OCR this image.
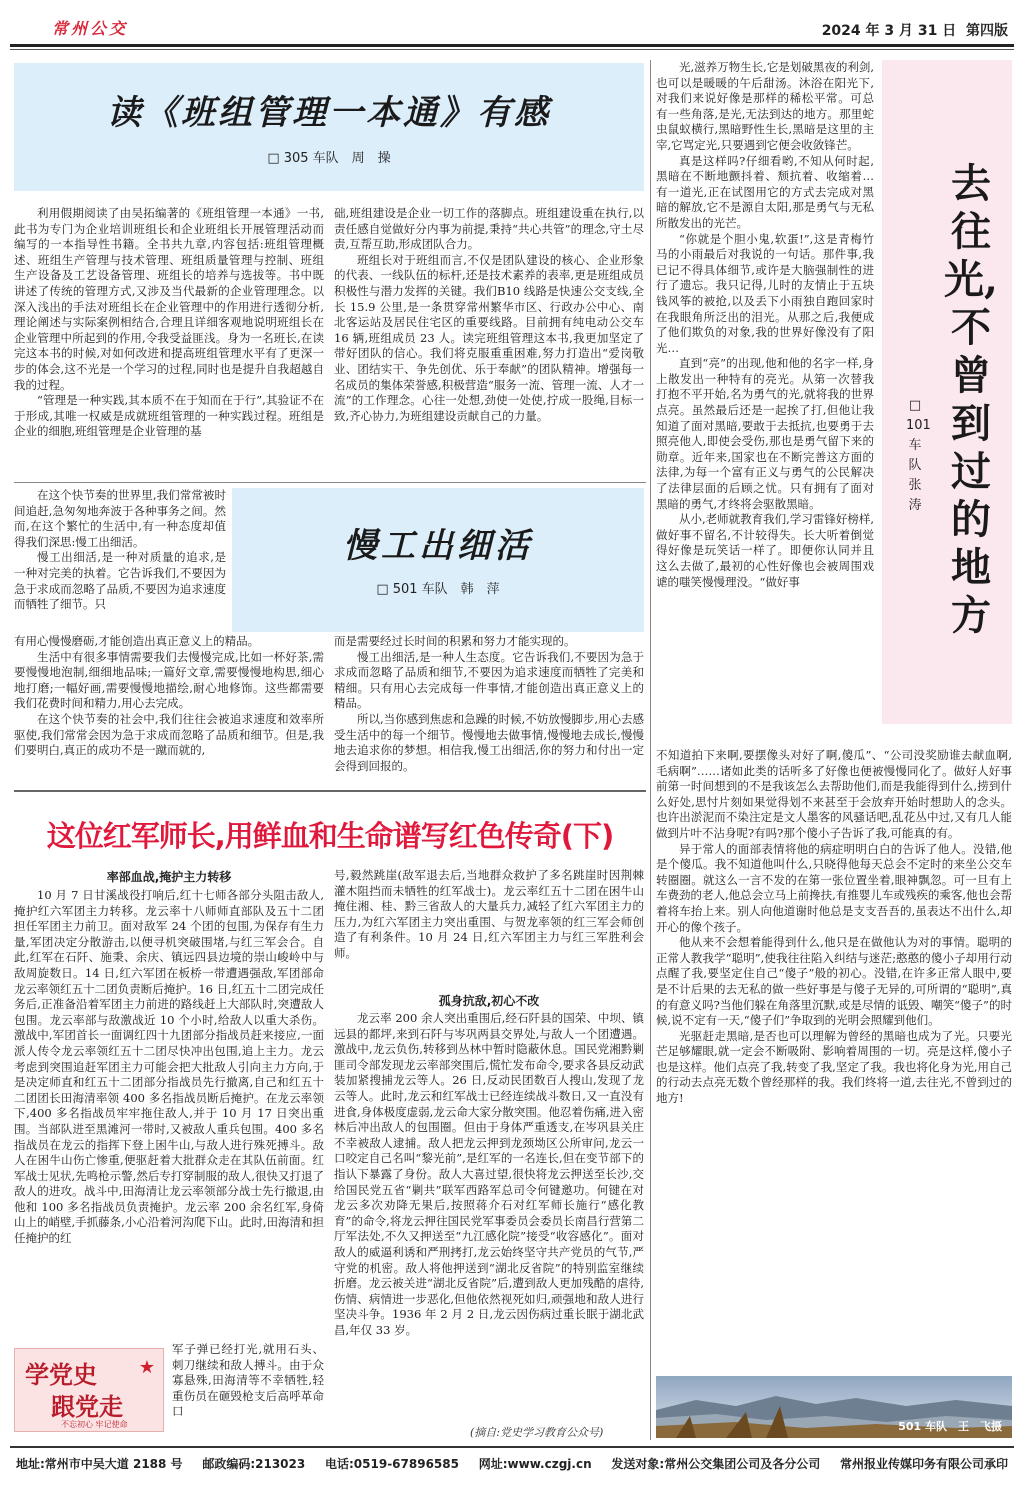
常州公交	2024 年 3 月 31 日 第四版
读《班组管理一本通》有感
□ 305 车队　周　操

利用假期阅读了由吴拓编著的《班组管理一本通》一书,此书为专门为企业培训班组长和企业班组长开展管理活动而编写的一本指导性书籍。全书共九章,内容包括:班组管理概述、班组生产管理与技术管理、班组质量管理与控制、班组生产设备及工艺设备管理、班组长的培养与选拔等。书中既讲述了传统的管理方式,又涉及当代最新的企业管理理念。以深入浅出的手法对班组长在企业管理中的作用进行透彻分析,理论阐述与实际案例相结合,合理且详细客观地说明班组长在企业管理中所起到的作用,令我受益匪浅。身为一名班长,在读完这本书的时候,对如何改进和提高班组管理水平有了更深一步的体会,这不光是一个学习的过程,同时也是提升自我超越自我的过程。

“管理是一种实践,其本质不在于知而在于行”,其验证不在于形成,其唯一权威是成就班组管理的一种实践过程。班组是企业的细胞,班组管理是企业管理的基

础,班组建设是企业一切工作的落脚点。班组建设重在执行,以责任感自觉做好分内事为前提,秉持“共心共管”的理念,守土尽责,互帮互助,形成团队合力。

班组长对于班组而言,不仅是团队建设的核心、企业形象的代表、一线队伍的标杆,还是技术素养的表率,更是班组成员积极性与潜力发挥的关键。我们B10 线路是快速公交支线,全长 15.9 公里,是一条贯穿常州繁华市区、行政办公中心、南北客运站及居民住宅区的重要线路。目前拥有纯电动公交车 16 辆,班组成员 23 人。读完班组管理这本书,我更加坚定了带好团队的信心。我们将克服重重困难,努力打造出“爱岗敬业、团结实干、争先创优、乐于奉献”的团队精神。增强每一名成员的集体荣誉感,积极营造“服务一流、管理一流、人才一流”的工作理念。心往一处想,劲使一处使,拧成一股绳,目标一致,齐心协力,为班组建设贡献自己的力量。

在这个快节奏的世界里,我们常常被时间追赶,急匆匆地奔波于各种事务之间。然而,在这个繁忙的生活中,有一种态度却值得我们深思:慢工出细活。

慢工出细活,是一种对质量的追求,是一种对完美的执着。它告诉我们,不要因为急于求成而忽略了品质,不要因为追求速度而牺牲了细节。只

慢工出细活
□ 501 车队　韩　萍

有用心慢慢磨砺,才能创造出真正意义上的精品。

生活中有很多事情需要我们去慢慢完成,比如一杯好茶,需要慢慢地泡制,细细地品味;一篇好文章,需要慢慢地构思,细心地打磨;一幅好画,需要慢慢地描绘,耐心地修饰。这些都需要我们花费时间和精力,用心去完成。

在这个快节奏的社会中,我们往往会被追求速度和效率所驱使,我们常常会因为急于求成而忽略了品质和细节。但是,我们要明白,真正的成功不是一蹴而就的,

而是需要经过长时间的积累和努力才能实现的。

慢工出细活,是一种人生态度。它告诉我们,不要因为急于求成而忽略了品质和细节,不要因为追求速度而牺牲了完美和精细。只有用心去完成每一件事情,才能创造出真正意义上的精品。

所以,当你感到焦虑和急躁的时候,不妨放慢脚步,用心去感受生活中的每一个细节。慢慢地去做事情,慢慢地去成长,慢慢地去追求你的梦想。相信我,慢工出细活,你的努力和付出一定会得到回报的。

这位红军师长,用鲜血和生命谱写红色传奇(下)
率部血战,掩护主力转移

10 月 7 日甘溪战役打响后,红十七师各部分头阻击敌人,掩护红六军团主力转移。龙云率十八师师直部队及五十二团担任军团主力前卫。面对敌军 24 个团的包围,为保存有生力量,军团决定分散游击,以便寻机突破围堵,与红三军会合。自此,红军在石阡、施秉、余庆、镇远四县边境的崇山峻岭中与敌周旋数日。14 日,红六军团在板桥一带遭遇强敌,军团部命龙云率领红五十二团负责断后掩护。16 日,红五十二团完成任务后,正准备沿着军团主力前进的路线赶上大部队时,突遭敌人包围。龙云率部与敌激战近 10 个小时,给敌人以重大杀伤。激战中,军团首长一面调红四十九团部分指战员赶来接应,一面派人传令龙云率领红五十二团尽快冲出包围,追上主力。龙云考虑到突围追赶军团主力可能会把大批敌人引向主力方向,于是决定师直和红五十二团部分指战员先行撤离,自己和红五十二团团长田海清率领 400 多名指战员断后掩护。在龙云率领下,400 多名指战员牢牢拖住敌人,并于 10 月 17 日突出重围。当部队进至黑滩河一带时,又被敌人重兵包围。400 多名指战员在龙云的指挥下登上困牛山,与敌人进行殊死搏斗。敌人在困牛山伤亡惨重,便驱赶着大批群众走在其队伍前面。红军战士见状,先鸣枪示警,然后专打穿制服的敌人,很快又打退了敌人的进攻。战斗中,田海清让龙云率领部分战士先行撤退,由他和 100 多名指战员负责掩护。龙云率 200 余名红军,身倚山上的峭壁,手抓藤条,小心沿着河沟爬下山。此时,田海清和担任掩护的红

军子弹已经打光,就用石头、刺刀继续和敌人搏斗。由于众寡悬殊,田海清等不幸牺牲,轻重伤员在砸毁枪支后高呼革命口

学党史
跟党走
不忘初心 牢记使命
★

号,毅然跳崖(敌军退去后,当地群众救护了多名跳崖时因荆棘灌木阻挡而未牺牲的红军战士)。龙云率红五十二团在困牛山掩住湘、桂、黔三省敌人的大量兵力,减轻了红六军团主力的压力,为红六军团主力突出重围、与贺龙率领的红三军会师创造了有利条件。10 月 24 日,红六军团主力与红三军胜利会师。

孤身抗敌,初心不改

龙云率 200 余人突出重围后,经石阡县的国荣、中坝、镇远县的都坪,来到石阡与岑巩两县交界处,与敌人一个团遭遇。激战中,龙云负伤,转移到丛林中暂时隐蔽休息。国民党湘黔剿匪司令部发现龙云率部突围后,慌忙发布命令,要求各县反动武装加紧搜捕龙云等人。26 日,反动民团数百人搜山,发现了龙云等人。此时,龙云和红军战士已经连续战斗数日,又一直没有进食,身体极度虚弱,龙云命大家分散突围。他忍着伤痛,进入密林后冲出敌人的包围圈。但由于身体严重透支,在岑巩县关庄不幸被敌人逮捕。敌人把龙云押到龙颈坳区公所审问,龙云一口咬定自己名叫“黎光前”,是红军的一名连长,但在变节部下的指认下暴露了身份。敌人大喜过望,很快将龙云押送至长沙,交给国民党五省“剿共”联军西路军总司令何键邀功。何键在对龙云多次劝降无果后,按照蒋介石对红军师长施行“感化教育”的命令,将龙云押往国民党军事委员会委员长南昌行营第二厅军法处,不久又押送至“九江感化院”接受“收容感化”。面对敌人的威逼利诱和严刑拷打,龙云始终坚守共产党员的气节,严守党的机密。敌人将他押送到“湖北反省院”的特别监室继续折磨。龙云被关进“湖北反省院”后,遭到敌人更加残酷的虐待,伤情、病情进一步恶化,但他依然视死如归,顽强地和敌人进行坚决斗争。1936 年 2 月 2 日,龙云因伤病过重长眠于湖北武昌,年仅 33 岁。

(摘自:党史学习教育公众号)

光,滋养万物生长,它是划破黑夜的利剑,也可以是暖暖的午后甜汤。沐浴在阳光下,对我们来说好像是那样的稀松平常。可总有一些角落,是光,无法到达的地方。那里蛇虫鼠蚁横行,黑暗野性生长,黑暗是这里的主宰,它骂定光,只要遇到它便会收敛锋芒。

真是这样吗?仔细看哟,不知从何时起,黑暗在不断地颤抖着、颓抗着、收缩着…有一道光,正在试图用它的方式去完成对黑暗的解放,它不是源自太阳,那是勇气与无私所散发出的光芒。

“你就是个胆小鬼,软蛋!”,这是青梅竹马的小雨最后对我说的一句话。那件事,我已记不得具体细节,或许是大脑强制性的进行了遗忘。我只记得,儿时的友情止于五块钱风筝的被抢,以及丢下小雨独自跑回家时在我眼角所泛出的泪光。从那之后,我便成了他们欺负的对象,我的世界好像没有了阳光…

直到“亮”的出现,他和他的名字一样,身上散发出一种特有的亮光。从第一次替我打抱不平开始,名为勇气的光,就将我的世界点亮。虽然最后还是一起挨了打,但他让我知道了面对黑暗,要敢于去抵抗,也要勇于去照亮他人,即使会受伤,那也是勇气留下来的勋章。近年来,国家也在不断完善这方面的法律,为每一个富有正义与勇气的公民解决了法律层面的后顾之忧。只有拥有了面对黑暗的勇气,才终将会驱散黑暗。

从小,老师就教育我们,学习雷锋好榜样,做好事不留名,不计较得失。长大听着倒觉得好像是玩笑话一样了。即便你认同并且这么去做了,最初的心性好像也会被周围戏谑的嗤笑慢慢理没。“做好事

去往光,不曾到过的地方
□ 101 车队　张　涛

不知道拍下来啊,要摆像头对好了啊,傻瓜”、“公司没奖励谁去献血啊,毛病啊”……诸如此类的话听多了好像也便被慢慢同化了。做好人好事前第一时间想到的不是我该怎么去帮助他们,而是我能得到什么,捞到什么好处,思忖片刻如果觉得划不来甚至于会放弃开始时想助人的念头。也许出淤泥而不染注定是文人墨客的风骚话吧,乱花丛中过,又有几人能做到片叶不沾身呢?有吗?那个傻小子告诉了我,可能真的有。

异于常人的面部表情将他的病症明明白白的告诉了他人。没错,他是个傻瓜。我不知道他叫什么,只晓得他每天总会不定时的来坐公交车转圈圈。就这么一言不发的在第一张位置坐着,眼神飘忽。可一旦有上车费劲的老人,他总会立马上前搀扶,有推婴儿车或残疾的乘客,他也会帮着将车抬上来。别人向他道谢时他总是支支吾吾的,虽表达不出什么,却开心的像个孩子。

他从来不会想着能得到什么,他只是在做他认为对的事情。聪明的正常人教我学“聪明”,使我往往陷入纠结与迷茫;憨憨的傻小子却用行动点醒了我,要坚定住自己“傻子”般的初心。没错,在许多正常人眼中,要是不计后果的去无私的做一些好事是与傻子无异的,可所谓的“聪明”,真的有意义吗?当他们躲在角落里沉默,或是尽情的诋毁、嘲笑“傻子”的时候,说不定有一天,“傻子们”争取到的光明会照耀到他们。

光驱赶走黑暗,是否也可以理解为曾经的黑暗也成为了光。只要光芒足够耀眼,就一定会不断吸附、影响着周围的一切。亮是这样,傻小子也是这样。他们点亮了我,转变了我,坚定了我。我也将化身为光,用自己的行动去点亮无数个曾经那样的我。我们终将一道,去往光,不曾到过的地方!

501 车队　王　飞摄
地址:常州市中吴大道 2188 号 邮政编码:213023 电话:0519-67896585 网址:www.czgj.cn 发送对象:常州公交集团公司及各分公司 常州报业传媒印务有限公司承印
